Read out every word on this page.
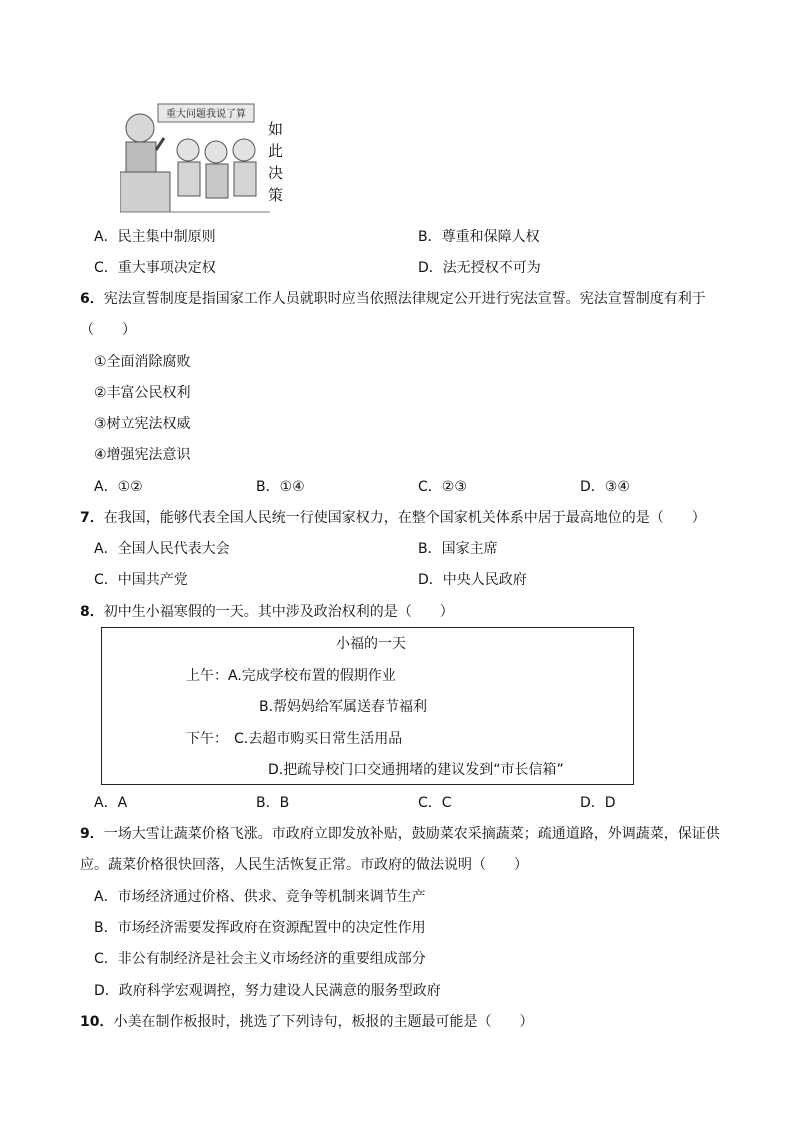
重大问题我说了算
如此决策
A．民主集中制原则	B．尊重和保障人权
C．重大事项决定权	D．法无授权不可为
6．宪法宣誓制度是指国家工作人员就职时应当依照法律规定公开进行宪法宣誓。宪法宣誓制度有利于
（　　）
①全面消除腐败
②丰富公民权利
③树立宪法权威
④增强宪法意识
A．①②	B．①④	C．②③	D．③④
7．在我国，能够代表全国人民统一行使国家权力，在整个国家机关体系中居于最高地位的是（　　）
A．全国人民代表大会	B．国家主席
C．中国共产党	D．中央人民政府
8．初中生小福寒假的一天。其中涉及政治权利的是（　　）
小福的一天
上午：A.完成学校布置的假期作业
B.帮妈妈给军属送春节福利
下午： C.去超市购买日常生活用品
D.把疏导校门口交通拥堵的建议发到“市长信箱”
A．A	B．B	C．C	D．D
9．一场大雪让蔬菜价格飞涨。市政府立即发放补贴，鼓励菜农采摘蔬菜；疏通道路，外调蔬菜，保证供
应。蔬菜价格很快回落，人民生活恢复正常。市政府的做法说明（　　）
A．市场经济通过价格、供求、竞争等机制来调节生产
B．市场经济需要发挥政府在资源配置中的决定性作用
C．非公有制经济是社会主义市场经济的重要组成部分
D．政府科学宏观调控，努力建设人民满意的服务型政府
10．小美在制作板报时，挑选了下列诗句，板报的主题最可能是（　　）
